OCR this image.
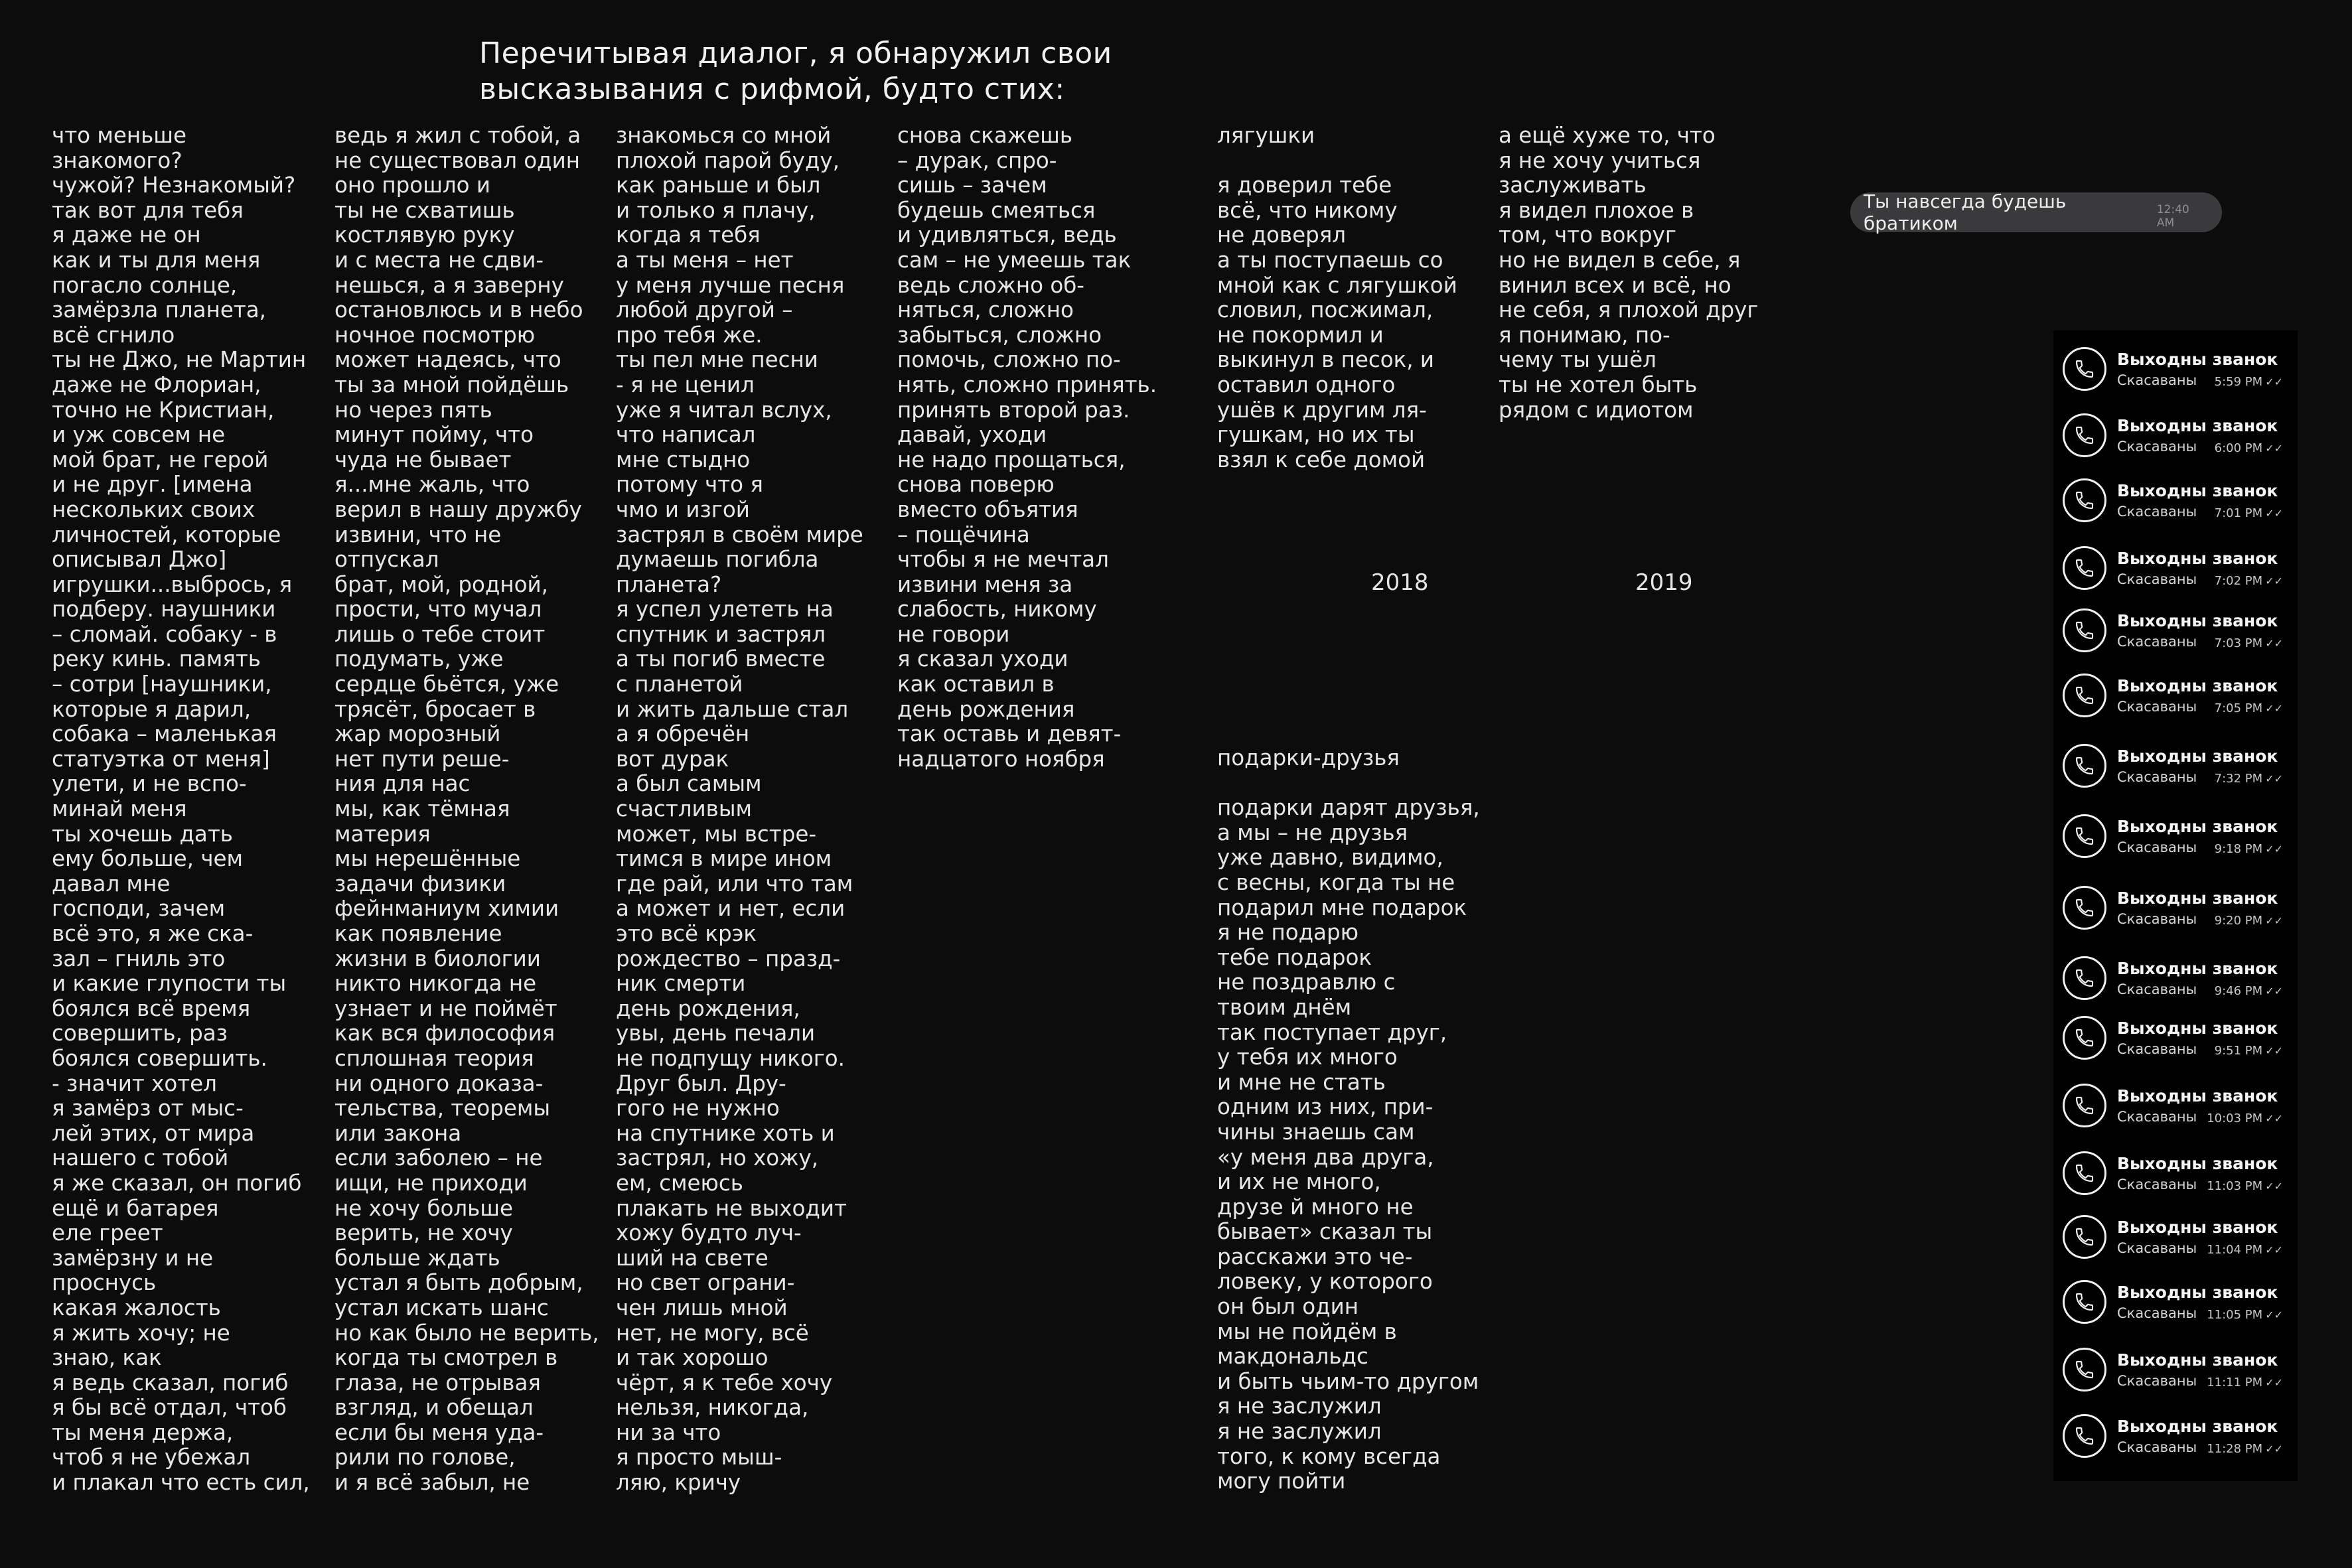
Перечитывая диалог, я обнаружил свои
высказывания с рифмой, будто стих:
что меньше
знакомого?
чужой? Незнакомый?
так вот для тебя
я даже не он
как и ты для меня
погасло солнце,
замёрзла планета,
всё сгнило
ты не Джо, не Мартин
даже не Флориан,
точно не Кристиан,
и уж совсем не
мой брат, не герой
и не друг. [имена
нескольких своих
личностей, которые
описывал Джо]
игрушки...выбрось, я
подберу. наушники
– сломай. собаку - в
реку кинь. память
– сотри [наушники,
которые я дарил,
собака – маленькая
статуэтка от меня]
улети, и не вспо-
минай меня
ты хочешь дать
ему больше, чем
давал мне
господи, зачем
всё это, я же ска-
зал – гниль это
и какие глупости ты
боялся всё время
совершить, раз
боялся совершить.
- значит хотел
я замёрз от мыс-
лей этих, от мира
нашего с тобой
я же сказал, он погиб
ещё и батарея
еле греет
замёрзну и не
проснусь
какая жалость
я жить хочу; не
знаю, как
я ведь сказал, погиб
я бы всё отдал, чтоб
ты меня держа,
чтоб я не убежал
и плакал что есть сил,
ведь я жил с тобой, а
не существовал один
оно прошло и
ты не схватишь
костлявую руку
и с места не сдви-
нешься, а я заверну
остановлюсь и в небо
ночное посмотрю
может надеясь, что
ты за мной пойдёшь
но через пять
минут пойму, что
чуда не бывает
я...мне жаль, что
верил в нашу дружбу
извини, что не
отпускал
брат, мой, родной,
прости, что мучал
лишь о тебе стоит
подумать, уже
сердце бьётся, уже
трясёт, бросает в
жар морозный
нет пути реше-
ния для нас
мы, как тёмная
материя
мы нерешённые
задачи физики
фейнманиум химии
как появление
жизни в биологии
никто никогда не
узнает и не поймёт
как вся философия
сплошная теория
ни одного доказа-
тельства, теоремы
или закона
если заболею – не
ищи, не приходи
не хочу больше
верить, не хочу
больше ждать
устал я быть добрым,
устал искать шанс
но как было не верить,
когда ты смотрел в
глаза, не отрывая
взгляд, и обещал
если бы меня уда-
рили по голове,
и я всё забыл, не
знакомься со мной
плохой парой буду,
как раньше и был
и только я плачу,
когда я тебя
а ты меня – нет
у меня лучше песня
любой другой –
про тебя же.
ты пел мне песни
- я не ценил
уже я читал вслух,
что написал
мне стыдно
потому что я
чмо и изгой
застрял в своём мире
думаешь погибла
планета?
я успел улететь на
спутник и застрял
а ты погиб вместе
с планетой
и жить дальше стал
а я обречён
вот дурак
а был самым
счастливым
может, мы встре-
тимся в мире ином
где рай, или что там
а может и нет, если
это всё крэк
рождество – празд-
ник смерти
день рождения,
увы, день печали
не подпущу никого.
Друг был. Дру-
гого не нужно
на спутнике хоть и
застрял, но хожу,
ем, смеюсь
плакать не выходит
хожу будто луч-
ший на свете
но свет ограни-
чен лишь мной
нет, не могу, всё
и так хорошо
чёрт, я к тебе хочу
нельзя, никогда,
ни за что
я просто мыш-
ляю, кричу
снова скажешь
– дурак, спро-
сишь – зачем
будешь смеяться
и удивляться, ведь
сам – не умеешь так
ведь сложно об-
няться, сложно
забыться, сложно
помочь, сложно по-
нять, сложно принять.
принять второй раз.
давай, уходи
не надо прощаться,
снова поверю
вместо объятия
– пощёчина
чтобы я не мечтал
извини меня за
слабость, никому
не говори
я сказал уходи
как оставил в
день рождения
так оставь и девят-
надцатого ноября
лягушки
я доверил тебе
всё, что никому
не доверял
а ты поступаешь со
мной как с лягушкой
словил, посжимал,
не покормил и
выкинул в песок, и
оставил одного
ушёв к другим ля-
гушкам, но их ты
взял к себе домой
подарки-друзья
подарки дарят друзья,
а мы – не друзья
уже давно, видимо,
с весны, когда ты не
подарил мне подарок
я не подарю
тебе подарок
не поздравлю с
твоим днём
так поступает друг,
у тебя их много
и мне не стать
одним из них, при-
чины знаешь сам
«у меня два друга,
и их не много,
друзе й много не
бывает» сказал ты
расскажи это че-
ловеку, у которого
он был один
мы не пойдём в
макдональдс
и быть чьим-то другом
я не заслужил
я не заслужил
того, к кому всегда
могу пойти
а ещё хуже то, что
я не хочу учиться
заслуживать
я видел плохое в
том, что вокруг
но не видел в себе, я
винил всех и всё, но
не себя, я плохой друг
я понимаю, по-
чему ты ушёл
ты не хотел быть
рядом с идиотом
2018	2019
Ты навсегда будешь братиком
12:40 AM
Выходны званок
Скасаваны 5:59 PM ✓✓
Выходны званок
Скасаваны 6:00 PM ✓✓
Выходны званок
Скасаваны 7:01 PM ✓✓
Выходны званок
Скасаваны 7:02 PM ✓✓
Выходны званок
Скасаваны 7:03 PM ✓✓
Выходны званок
Скасаваны 7:05 PM ✓✓
Выходны званок
Скасаваны 7:32 PM ✓✓
Выходны званок
Скасаваны 9:18 PM ✓✓
Выходны званок
Скасаваны 9:20 PM ✓✓
Выходны званок
Скасаваны 9:46 PM ✓✓
Выходны званок
Скасаваны 9:51 PM ✓✓
Выходны званок
Скасаваны 10:03 PM ✓✓
Выходны званок
Скасаваны 11:03 PM ✓✓
Выходны званок
Скасаваны 11:04 PM ✓✓
Выходны званок
Скасаваны 11:05 PM ✓✓
Выходны званок
Скасаваны 11:11 PM ✓✓
Выходны званок
Скасаваны 11:28 PM ✓✓
